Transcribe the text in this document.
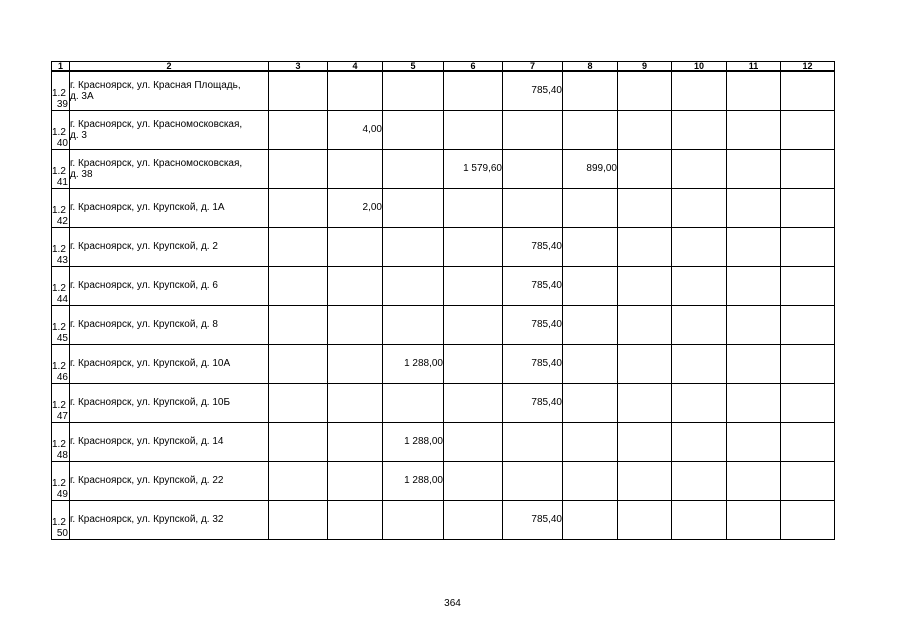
1	2	3	4	5	6	7	8	9	10	11	12

1.2
39	г. Красноярск, ул. Красная Площадь,
д. 3А					785,40					

1.2
40	г. Красноярск, ул. Красномосковская,
д. 3		4,00								

1.2
41	г. Красноярск, ул. Красномосковская,
д. 38				1 579,60		899,00				

1.2
42	г. Красноярск, ул. Крупской, д. 1А		2,00								

1.2
43	г. Красноярск, ул. Крупской, д. 2					785,40					

1.2
44	г. Красноярск, ул. Крупской, д. 6					785,40					

1.2
45	г. Красноярск, ул. Крупской, д. 8					785,40					

1.2
46	г. Красноярск, ул. Крупской, д. 10А			1 288,00		785,40					

1.2
47	г. Красноярск, ул. Крупской, д. 10Б					785,40					

1.2
48	г. Красноярск, ул. Крупской, д. 14			1 288,00							

1.2
49	г. Красноярск, ул. Крупской, д. 22			1 288,00							

1.2
50	г. Красноярск, ул. Крупской, д. 32					785,40					
364
